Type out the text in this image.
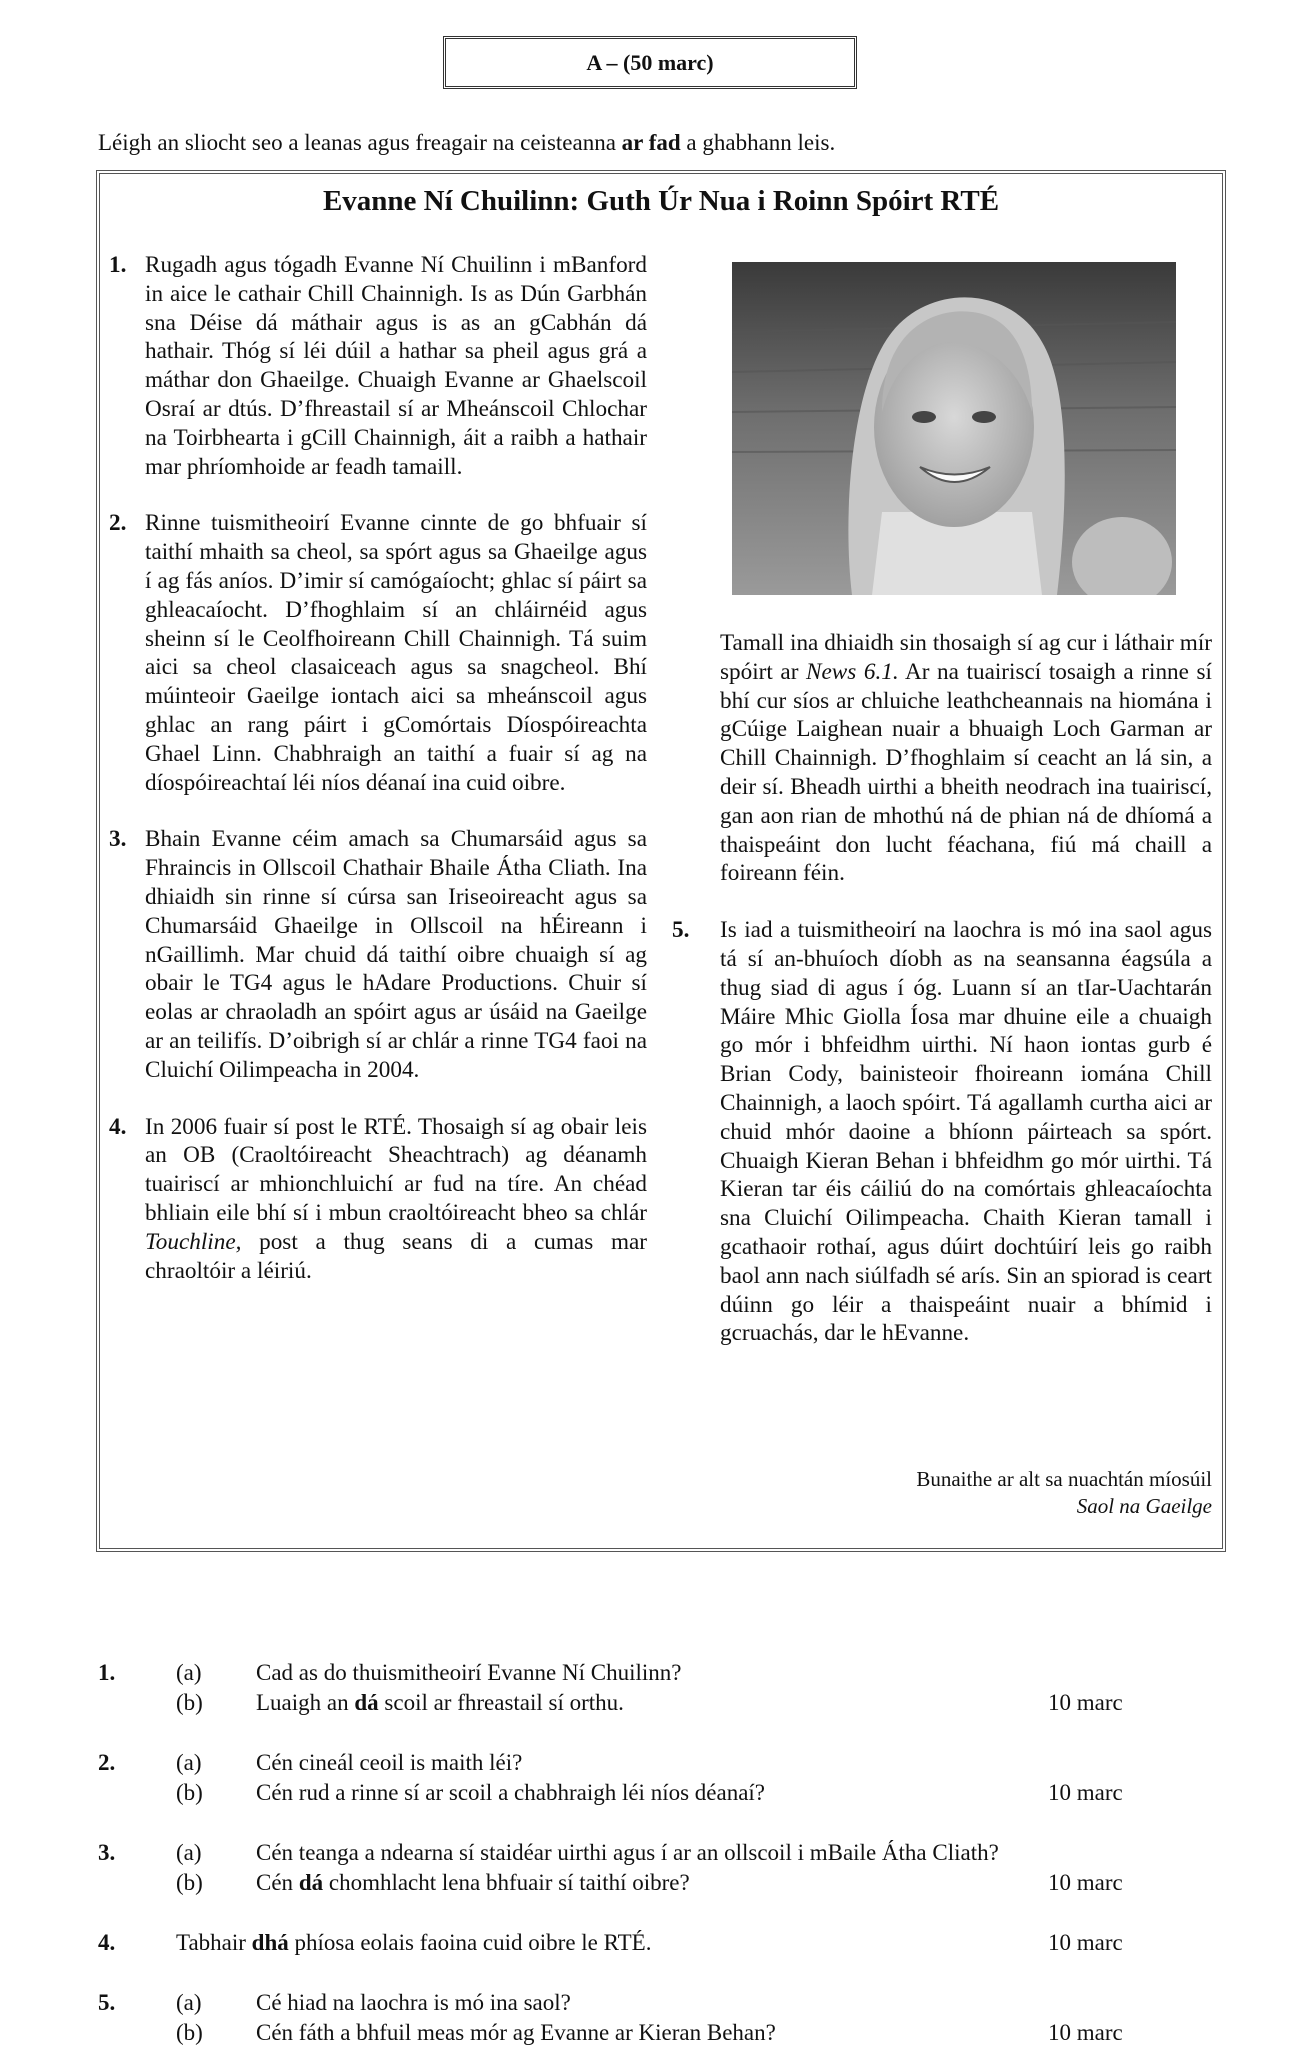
A – (50 marc)
Léigh an sliocht seo a leanas agus freagair na ceisteanna ar fad a ghabhann leis.
Evanne Ní Chuilinn: Guth Úr Nua i Roinn Spóirt RTÉ

1. Rugadh agus tógadh Evanne Ní Chuilinn i mBanford in aice le cathair Chill Chainnigh. Is as Dún Garbhán sna Déise dá máthair agus is as an gCabhán dá hathair. Thóg sí léi dúil a hathar sa pheil agus grá a máthar don Ghaeilge. Chuaigh Evanne ar Ghaelscoil Osraí ar dtús. D’fhreastail sí ar Mheánscoil Chlochar na Toirbhearta i gCill Chainnigh, áit a raibh a hathair mar phríomhoide ar feadh tamaill.

2. Rinne tuismitheoirí Evanne cinnte de go bhfuair sí taithí mhaith sa cheol, sa spórt agus sa Ghaeilge agus í ag fás aníos. D’imir sí camógaíocht; ghlac sí páirt sa ghleacaíocht. D’fhoghlaim sí an chláirnéid agus sheinn sí le Ceolfhoireann Chill Chainnigh. Tá suim aici sa cheol clasaiceach agus sa snagcheol. Bhí múinteoir Gaeilge iontach aici sa mheánscoil agus ghlac an rang páirt i gComórtais Díospóireachta Ghael Linn. Chabhraigh an taithí a fuair sí ag na díospóireachtaí léi níos déanaí ina cuid oibre.

3. Bhain Evanne céim amach sa Chumarsáid agus sa Fhraincis in Ollscoil Chathair Bhaile Átha Cliath. Ina dhiaidh sin rinne sí cúrsa san Iriseoireacht agus sa Chumarsáid Ghaeilge in Ollscoil na hÉireann i nGaillimh. Mar chuid dá taithí oibre chuaigh sí ag obair le TG4 agus le hAdare Productions. Chuir sí eolas ar chraoladh an spóirt agus ar úsáid na Gaeilge ar an teilifís. D’oibrigh sí ar chlár a rinne TG4 faoi na Cluichí Oilimpeacha in 2004.

4. In 2006 fuair sí post le RTÉ. Thosaigh sí ag obair leis an OB (Craoltóireacht Sheachtrach) ag déanamh tuairiscí ar mhionchluichí ar fud na tíre. An chéad bhliain eile bhí sí i mbun craoltóireacht bheo sa chlár Touchline, post a thug seans di a cumas mar chraoltóir a léiriú.

Tamall ina dhiaidh sin thosaigh sí ag cur i láthair mír spóirt ar News 6.1. Ar na tuairiscí tosaigh a rinne sí bhí cur síos ar chluiche leathcheannais na hiomána i gCúige Laighean nuair a bhuaigh Loch Garman ar Chill Chainnigh. D’fhoghlaim sí ceacht an lá sin, a deir sí. Bheadh uirthi a bheith neodrach ina tuairiscí, gan aon rian de mhothú ná de phian ná de dhíomá a thaispeáint don lucht féachana, fiú má chaill a foireann féin.

5. Is iad a tuismitheoirí na laochra is mó ina saol agus tá sí an-bhuíoch díobh as na seansanna éagsúla a thug siad di agus í óg. Luann sí an tIar-Uachtarán Máire Mhic Giolla Íosa mar dhuine eile a chuaigh go mór i bhfeidhm uirthi. Ní haon iontas gurb é Brian Cody, bainisteoir fhoireann iomána Chill Chainnigh, a laoch spóirt. Tá agallamh curtha aici ar chuid mhór daoine a bhíonn páirteach sa spórt. Chuaigh Kieran Behan i bhfeidhm go mór uirthi. Tá Kieran tar éis cáiliú do na comórtais ghleacaíochta sna Cluichí Oilimpeacha. Chaith Kieran tamall i gcathaoir rothaí, agus dúirt dochtúirí leis go raibh baol ann nach siúlfadh sé arís. Sin an spiorad is ceart dúinn go léir a thaispeáint nuair a bhímid i gcruachás, dar le hEvanne.

Bunaithe ar alt sa nuachtán míosúil
Saol na Gaeilge
1.	(a) Cad as do thuismitheoirí Evanne Ní Chuilinn?
(b) Luaigh an dá scoil ar fhreastail sí orthu.	10 marc
2.	(a) Cén cineál ceoil is maith léi?
(b) Cén rud a rinne sí ar scoil a chabhraigh léi níos déanaí?	10 marc
3.	(a) Cén teanga a ndearna sí staidéar uirthi agus í ar an ollscoil i mBaile Átha Cliath?
(b) Cén dá chomhlacht lena bhfuair sí taithí oibre?	10 marc
4.	Tabhair dhá phíosa eolais faoina cuid oibre le RTÉ.	10 marc
5.	(a) Cé hiad na laochra is mó ina saol?
(b) Cén fáth a bhfuil meas mór ag Evanne ar Kieran Behan?	10 marc
